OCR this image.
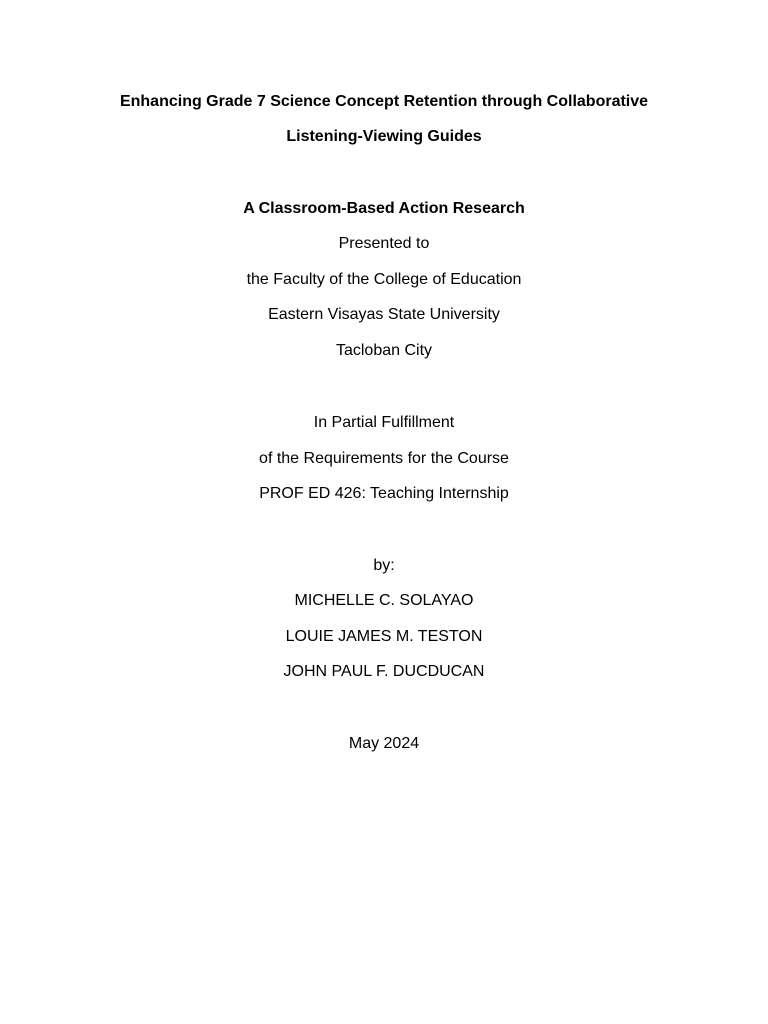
Enhancing Grade 7 Science Concept Retention through Collaborative
Listening-Viewing Guides
A Classroom-Based Action Research
Presented to
the Faculty of the College of Education
Eastern Visayas State University
Tacloban City
In Partial Fulfillment
of the Requirements for the Course
PROF ED 426: Teaching Internship
by:
MICHELLE C. SOLAYAO
LOUIE JAMES M. TESTON
JOHN PAUL F. DUCDUCAN
May 2024
